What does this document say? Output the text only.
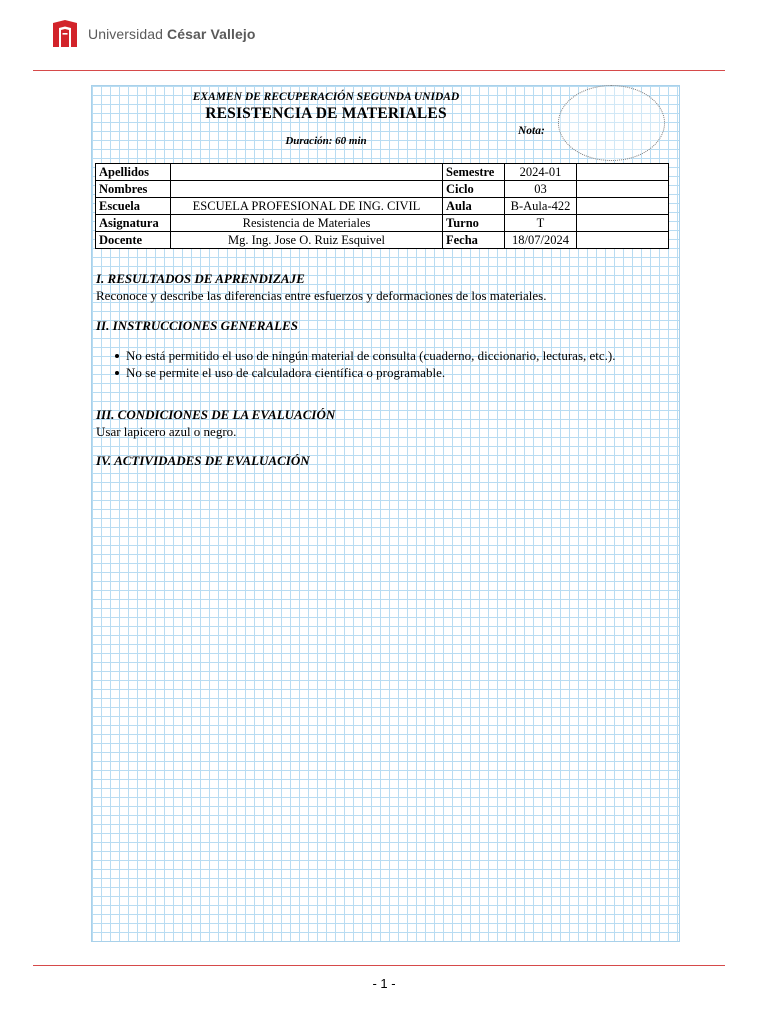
Universidad César Vallejo
EXAMEN DE RECUPERACIÓN SEGUNDA UNIDAD
RESISTENCIA DE MATERIALES
Duración: 60 min
Nota:
Apellidos		Semestre	2024-01	
Nombres		Ciclo	03	
Escuela	ESCUELA PROFESIONAL DE ING. CIVIL	Aula	B-Aula-422	
Asignatura	Resistencia de Materiales	Turno	T	
Docente	Mg. Ing. Jose O. Ruiz Esquivel	Fecha	18/07/2024	
I. RESULTADOS DE APRENDIZAJE
Reconoce y describe las diferencias entre esfuerzos y deformaciones de los materiales.
II. INSTRUCCIONES GENERALES
No está permitido el uso de ningún material de consulta (cuaderno, diccionario, lecturas, etc.).
No se permite el uso de calculadora científica o programable.
III. CONDICIONES DE LA EVALUACIÓN
Usar lapicero azul o negro.
IV. ACTIVIDADES DE EVALUACIÓN
- 1 -
